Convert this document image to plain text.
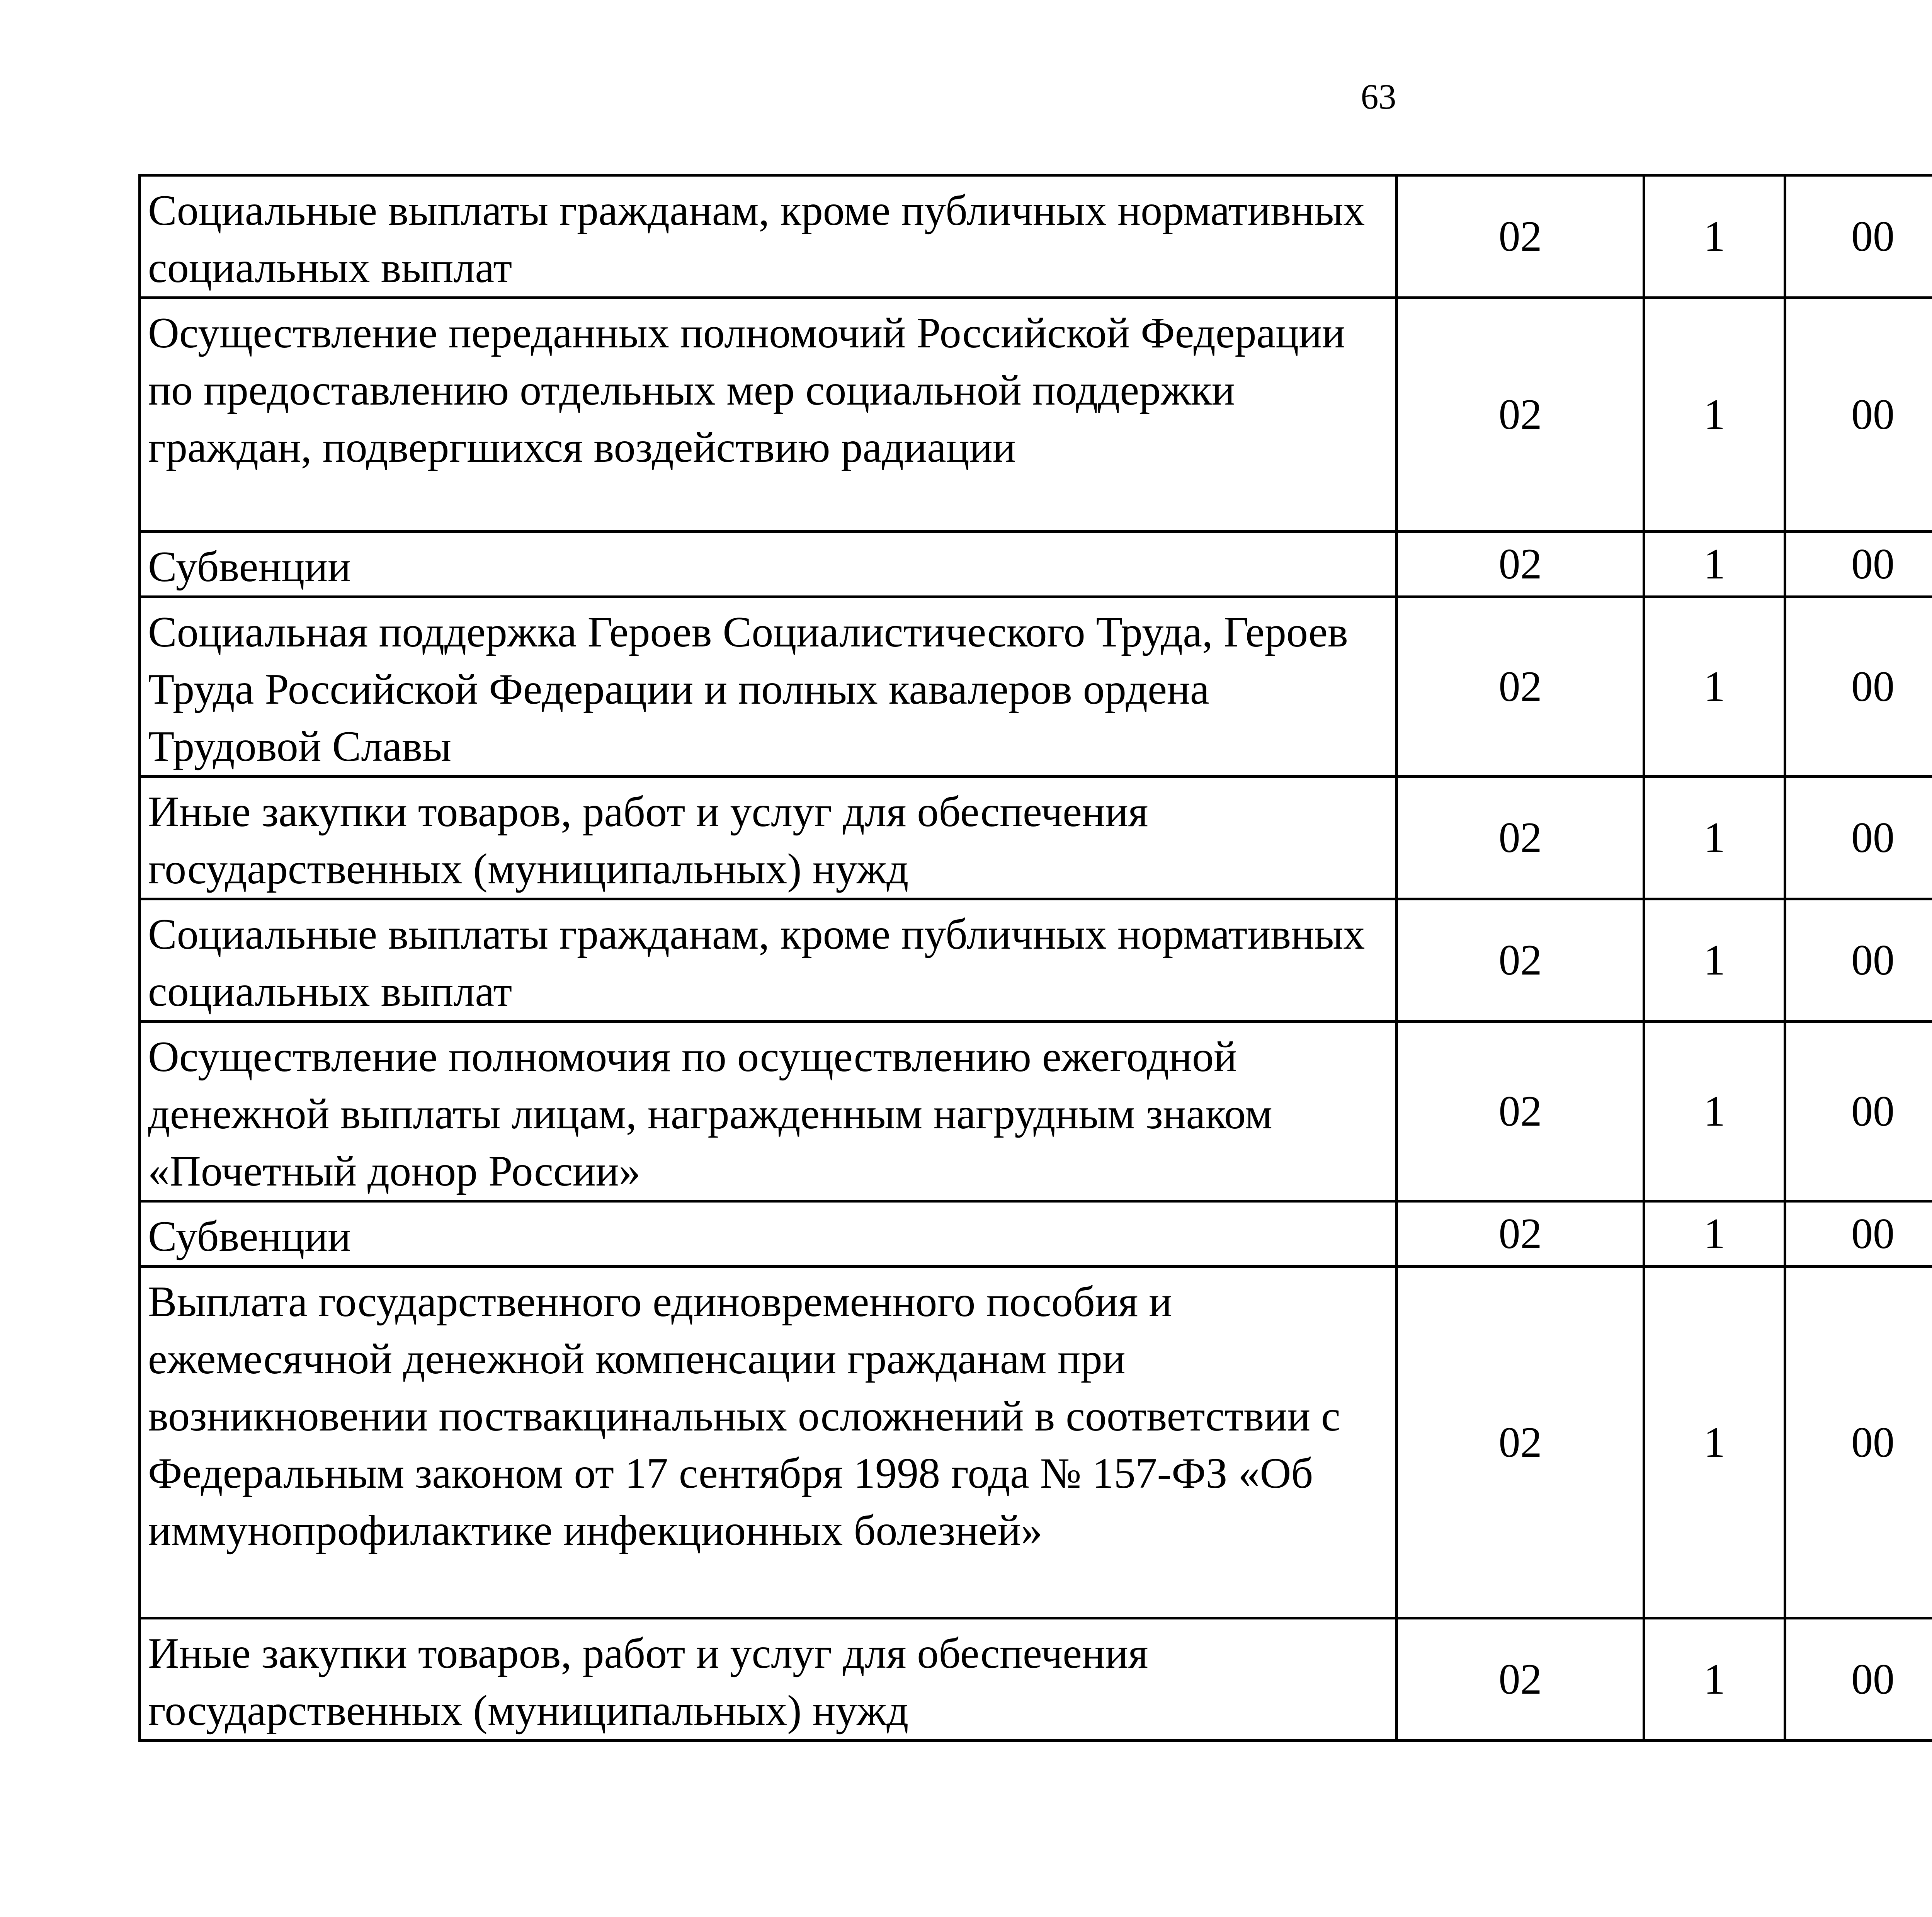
63
Социальные выплаты гражданам, кроме публичных нормативных социальных выплат	02	1	00			
Осуществление переданных полномочий Российской Федерации по предоставлению отдельных мер социальной поддержки граждан, подвергшихся воздействию радиации	02	1	00			
Субвенции	02	1	00			
Социальная поддержка Героев Социалистического Труда, Героев Труда Российской Федерации и полных кавалеров ордена Трудовой Славы	02	1	00			
Иные закупки товаров, работ и услуг для обеспечения государственных (муниципальных) нужд	02	1	00			
Социальные выплаты гражданам, кроме публичных нормативных социальных выплат	02	1	00			
Осуществление полномочия по осуществлению ежегодной денежной выплаты лицам, награжденным нагрудным знаком «Почетный донор России»	02	1	00			
Субвенции	02	1	00			
Выплата государственного единовременного пособия и ежемесячной денежной компенсации гражданам при возникновении поствакцинальных осложнений в соответствии с Федеральным законом от 17 сентября 1998 года № 157-ФЗ «Об иммунопрофилактике инфекционных болезней»	02	1	00			
Иные закупки товаров, работ и услуг для обеспечения государственных (муниципальных) нужд	02	1	00			
